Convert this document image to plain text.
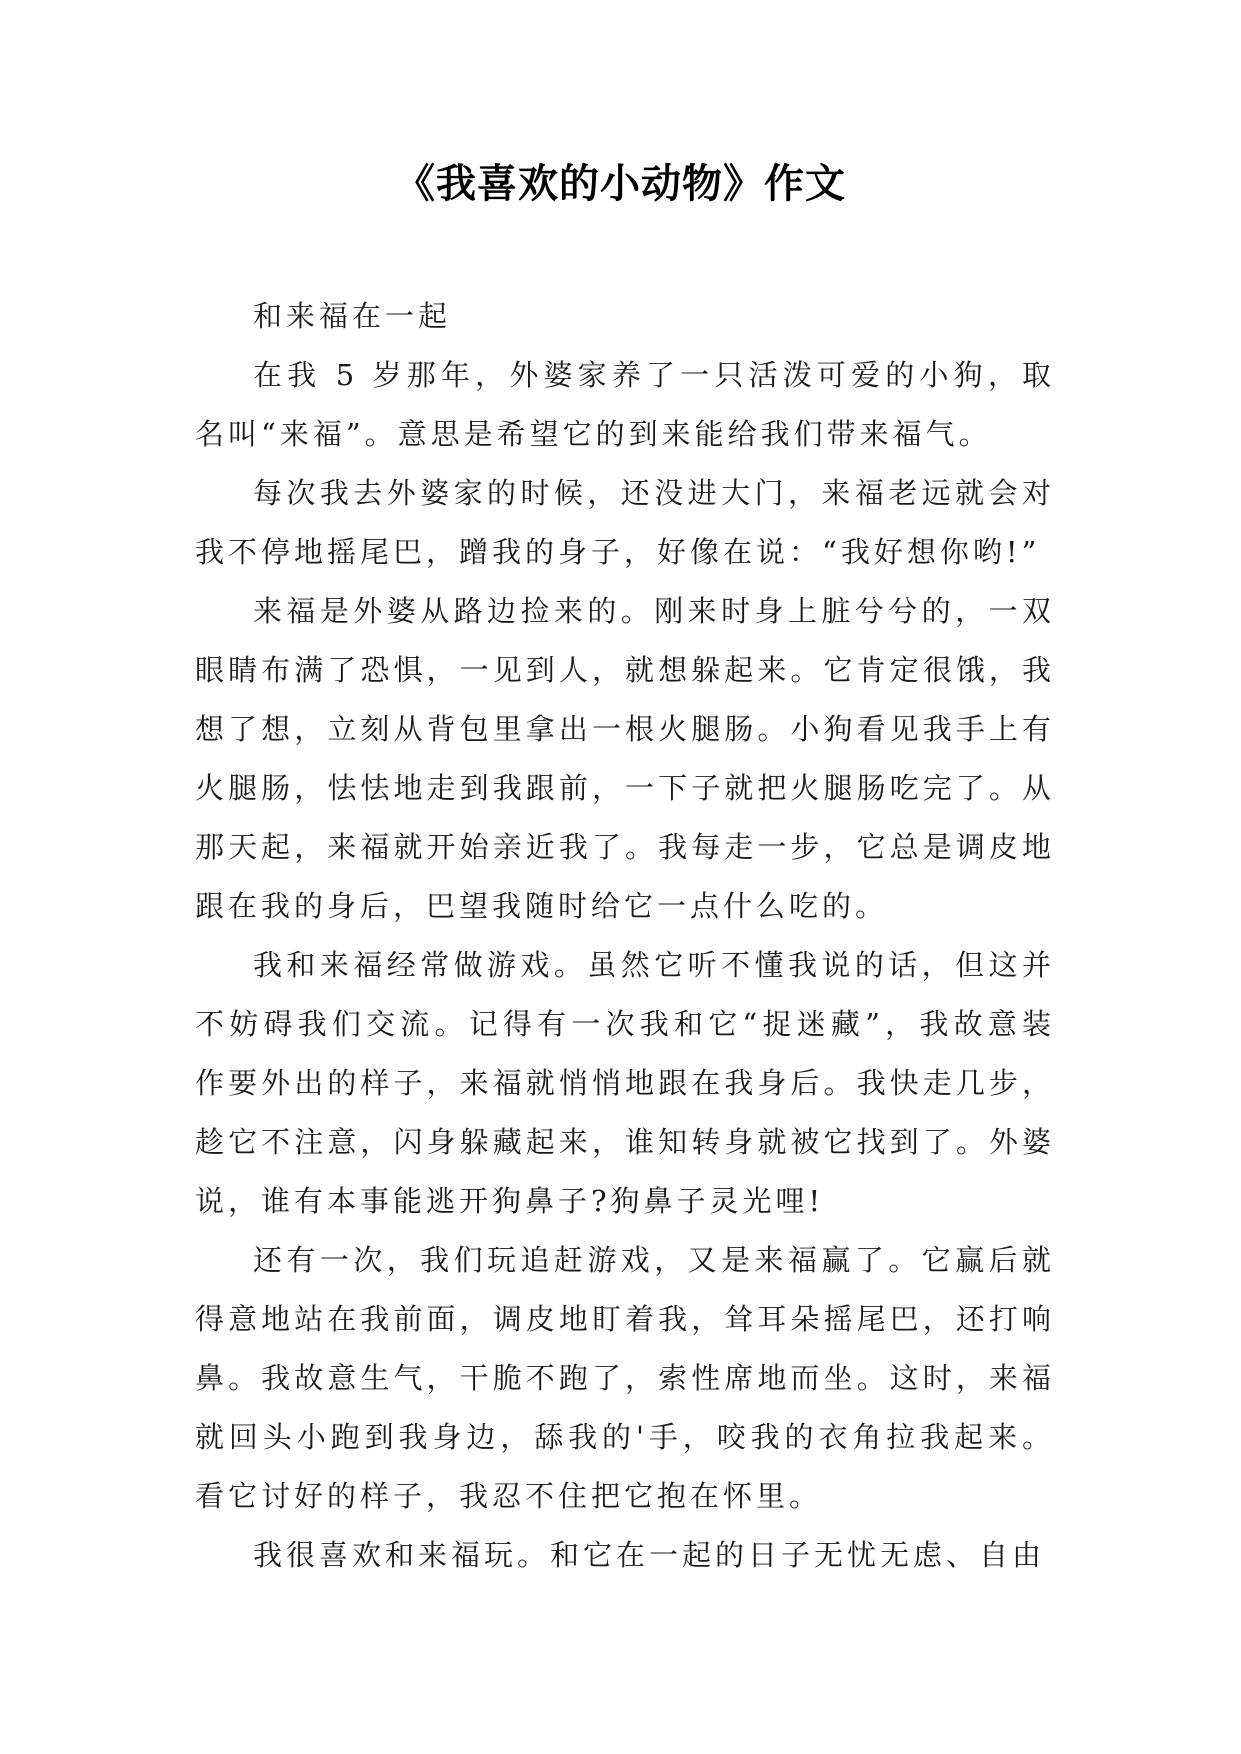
《我喜欢的小动物》作文

和来福在一起

在我 5 岁那年，外婆家养了一只活泼可爱的小狗，取名叫“来福”。意思是希望它的到来能给我们带来福气。

每次我去外婆家的时候，还没进大门，来福老远就会对我不停地摇尾巴，蹭我的身子，好像在说：“我好想你哟!”

来福是外婆从路边捡来的。刚来时身上脏兮兮的，一双眼睛布满了恐惧，一见到人，就想躲起来。它肯定很饿，我想了想，立刻从背包里拿出一根火腿肠。小狗看见我手上有火腿肠，怯怯地走到我跟前，一下子就把火腿肠吃完了。从那天起，来福就开始亲近我了。我每走一步，它总是调皮地跟在我的身后，巴望我随时给它一点什么吃的。

我和来福经常做游戏。虽然它听不懂我说的话，但这并不妨碍我们交流。记得有一次我和它“捉迷藏”，我故意装作要外出的样子，来福就悄悄地跟在我身后。我快走几步，趁它不注意，闪身躲藏起来，谁知转身就被它找到了。外婆说，谁有本事能逃开狗鼻子?狗鼻子灵光哩!

还有一次，我们玩追赶游戏，又是来福赢了。它赢后就得意地站在我前面，调皮地盯着我，耸耳朵摇尾巴，还打响鼻。我故意生气，干脆不跑了，索性席地而坐。这时，来福就回头小跑到我身边，舔我的'手，咬我的衣角拉我起来。看它讨好的样子，我忍不住把它抱在怀里。

我很喜欢和来福玩。和它在一起的日子无忧无虑、自由
